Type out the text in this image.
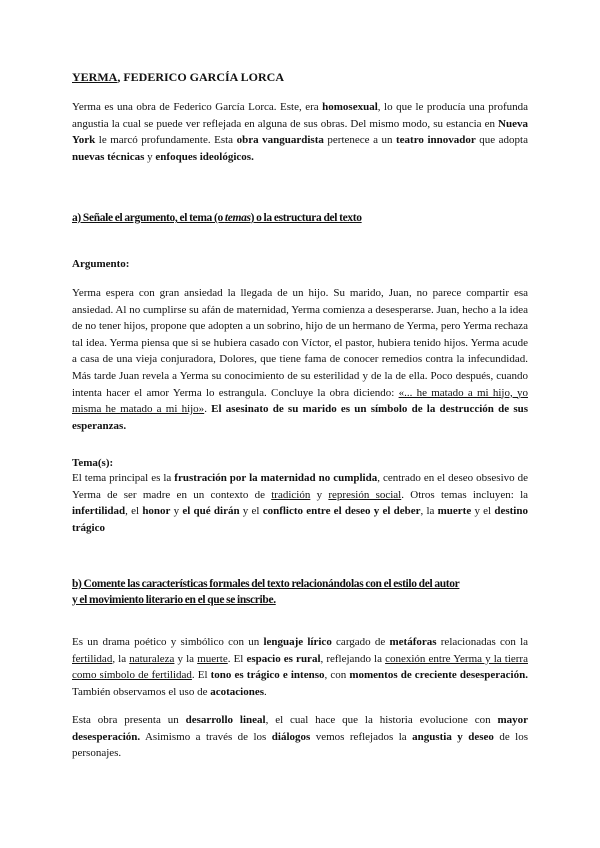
YERMA, FEDERICO GARCÍA LORCA

Yerma es una obra de Federico García Lorca. Este, era homosexual, lo que le producía una profunda angustia la cual se puede ver reflejada en alguna de sus obras. Del mismo modo, su estancia en Nueva York le marcó profundamente. Esta obra vanguardista pertenece a un teatro innovador que adopta nuevas técnicas y enfoques ideológicos.

a) Señale el argumento, el tema (o temas) o la estructura del texto

Argumento:

Yerma espera con gran ansiedad la llegada de un hijo. Su marido, Juan, no parece compartir esa ansiedad. Al no cumplirse su afán de maternidad, Yerma comienza a desesperarse. Juan, hecho a la idea de no tener hijos, propone que adopten a un sobrino, hijo de un hermano de Yerma, pero Yerma rechaza tal idea. Yerma piensa que si se hubiera casado con Víctor, el pastor, hubiera tenido hijos. Yerma acude a casa de una vieja conjuradora, Dolores, que tiene fama de conocer remedios contra la infecundidad. Más tarde Juan revela a Yerma su conocimiento de su esterilidad y de la de ella. Poco después, cuando intenta hacer el amor Yerma lo estrangula. Concluye la obra diciendo: «... he matado a mi hijo, yo misma he matado a mi hijo». El asesinato de su marido es un símbolo de la destrucción de sus esperanzas.

Tema(s):

El tema principal es la frustración por la maternidad no cumplida, centrado en el deseo obsesivo de Yerma de ser madre en un contexto de tradición y represión social. Otros temas incluyen: la infertilidad, el honor y el qué dirán y el conflicto entre el deseo y el deber, la muerte y el destino trágico

b) Comente las características formales del texto relacionándolas con el estilo del autor
y el movimiento literario en el que se inscribe.

Es un drama poético y simbólico con un lenguaje lírico cargado de metáforas relacionadas con la fertilidad, la naturaleza y la muerte. El espacio es rural, reflejando la conexión entre Yerma y la tierra como símbolo de fertilidad. El tono es trágico e intenso, con momentos de creciente desesperación. También observamos el uso de acotaciones.

Esta obra presenta un desarrollo lineal, el cual hace que la historia evolucione con mayor desesperación. Asimismo a través de los diálogos vemos reflejados la angustia y deseo de los personajes.
